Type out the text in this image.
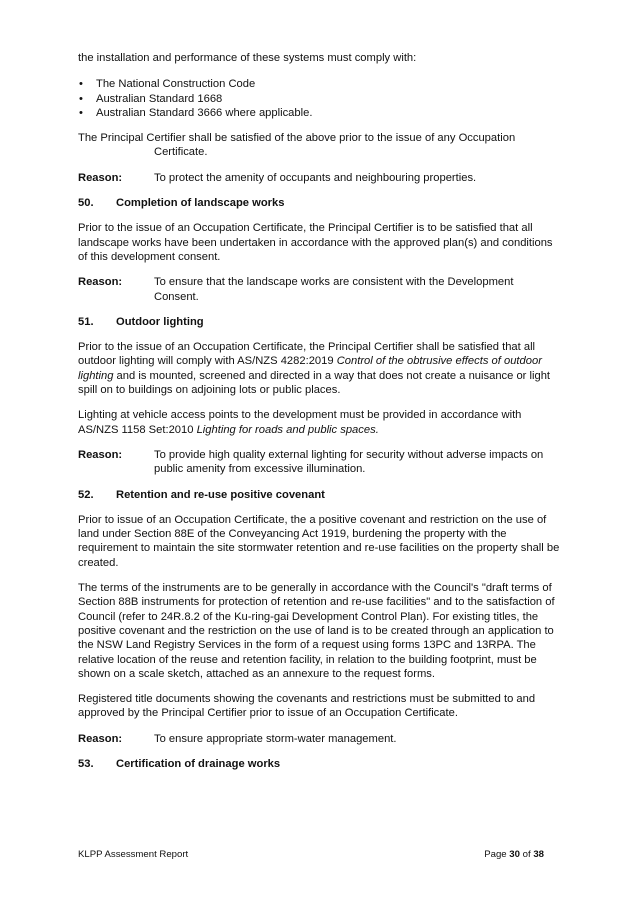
the installation and performance of these systems must comply with:

• The National Construction Code
• Australian Standard 1668
• Australian Standard 3666 where applicable.

The Principal Certifier shall be satisfied of the above prior to the issue of any Occupation Certificate.

Reason:	To protect the amenity of occupants and neighbouring properties.
50.	Completion of landscape works

Prior to the issue of an Occupation Certificate, the Principal Certifier is to be satisfied that all landscape works have been undertaken in accordance with the approved plan(s) and conditions of this development consent.

Reason:	To ensure that the landscape works are consistent with the Development Consent.
51.	Outdoor lighting

Prior to the issue of an Occupation Certificate, the Principal Certifier shall be satisfied that all outdoor lighting will comply with AS/NZS 4282:2019 Control of the obtrusive effects of outdoor lighting and is mounted, screened and directed in a way that does not create a nuisance or light spill on to buildings on adjoining lots or public places.

Lighting at vehicle access points to the development must be provided in accordance with AS/NZS 1158 Set:2010 Lighting for roads and public spaces.

Reason:	To provide high quality external lighting for security without adverse impacts on public amenity from excessive illumination.
52.	Retention and re-use positive covenant

Prior to issue of an Occupation Certificate, the a positive covenant and restriction on the use of land under Section 88E of the Conveyancing Act 1919, burdening the property with the requirement to maintain the site stormwater retention and re-use facilities on the property shall be created.

The terms of the instruments are to be generally in accordance with the Council's "draft terms of Section 88B instruments for protection of retention and re-use facilities" and to the satisfaction of Council (refer to 24R.8.2 of the Ku-ring-gai Development Control Plan). For existing titles, the positive covenant and the restriction on the use of land is to be created through an application to the NSW Land Registry Services in the form of a request using forms 13PC and 13RPA. The relative location of the reuse and retention facility, in relation to the building footprint, must be shown on a scale sketch, attached as an annexure to the request forms.

Registered title documents showing the covenants and restrictions must be submitted to and approved by the Principal Certifier prior to issue of an Occupation Certificate.

Reason:	To ensure appropriate storm-water management.
53.	Certification of drainage works
KLPP Assessment Report	Page 30 of 38
